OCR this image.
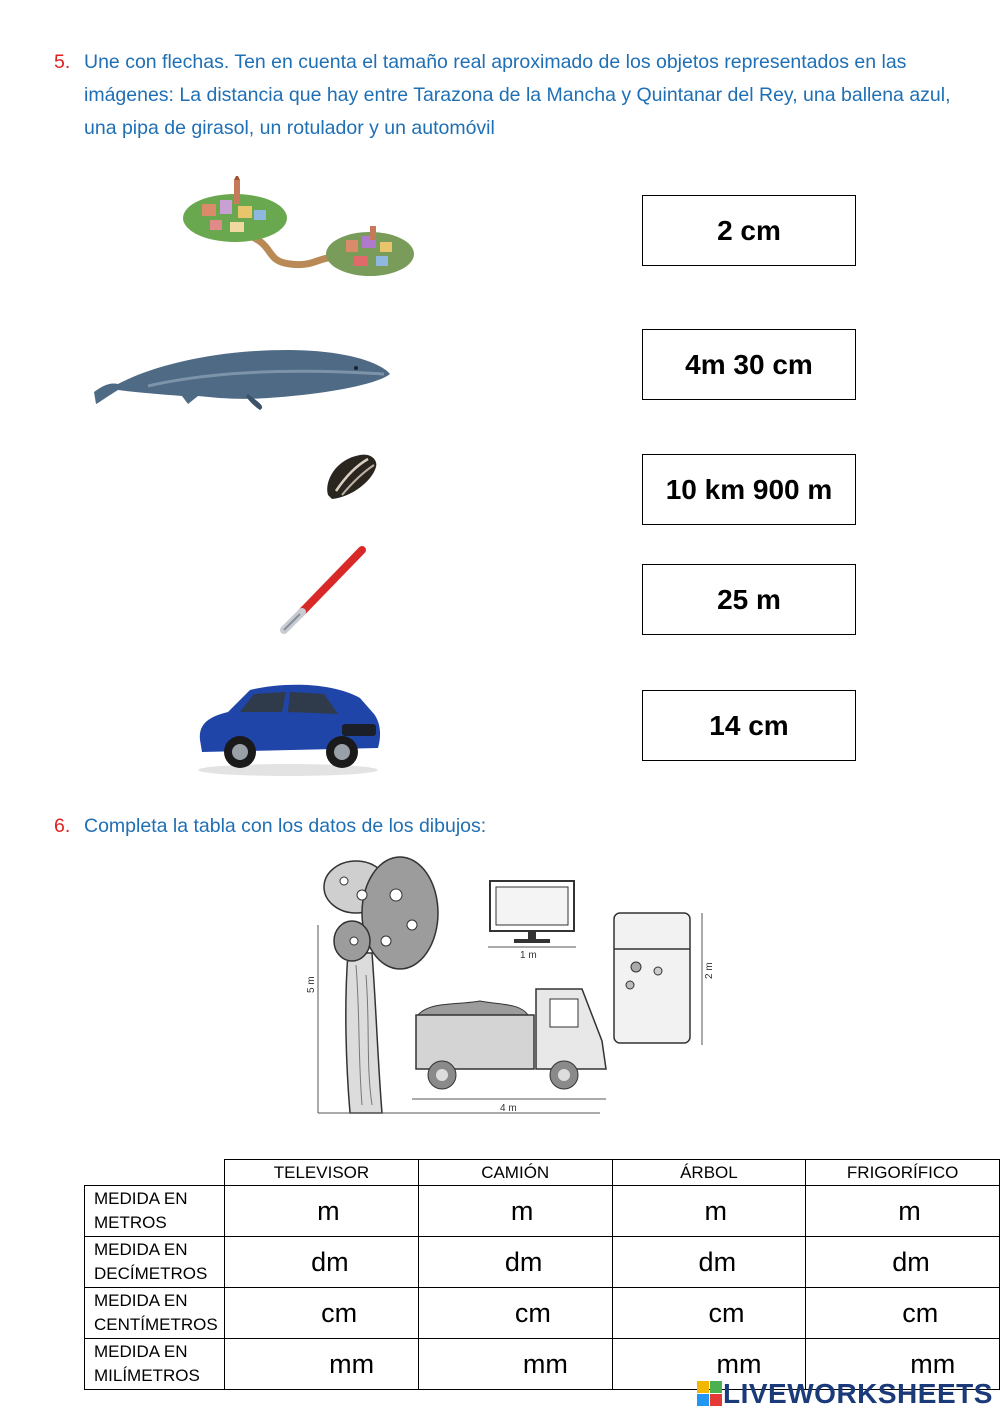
5. Une con flechas. Ten en cuenta el tamaño real aproximado de los objetos representados en las imágenes: La distancia que hay entre Tarazona de la Mancha y Quintanar del Rey, una ballena azul, una pipa de girasol, un rotulador y un automóvil
2 cm
4m 30 cm
10 km 900 m
25 m
14 cm
6. Completa la tabla con los datos de los dibujos:
5 m
1 m
4 m
2 m
	TELEVISOR	CAMIÓN	ÁRBOL	FRIGORÍFICO
MEDIDA EN
METROS	m	m	m	m
MEDIDA EN
DECÍMETROS	dm	dm	dm	dm
MEDIDA EN
CENTÍMETROS	cm	cm	cm	cm
MEDIDA EN
MILÍMETROS	mm	mm	mm	mm
LIVEWORKSHEETS
